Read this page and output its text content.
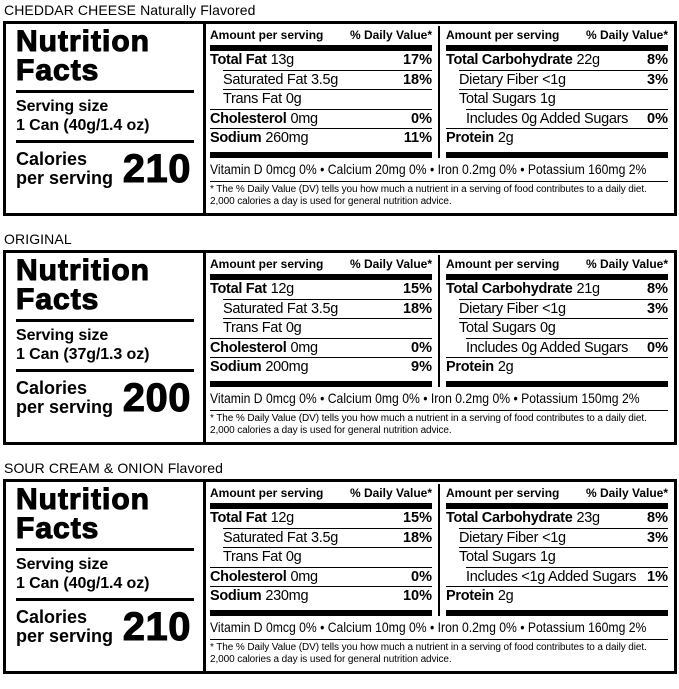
CHEDDAR CHEESE Naturally Flavored
Nutrition
Facts
Serving size
1 Can (40g/1.4 oz)
Calories
per serving 210
Amount per serving % Daily Value*
Total Fat 13g	17%
Saturated Fat 3.5g	18%
Trans Fat 0g
Cholesterol 0mg	0%
Sodium 260mg	11%
Amount per serving % Daily Value*
Total Carbohydrate 22g	8%
Dietary Fiber <1g	3%
Total Sugars 1g
Includes 0g Added Sugars 0%
Protein 2g
Vitamin D 0mcg 0% • Calcium 20mg 0% • Iron 0.2mg 0% • Potassium 160mg 2%
* The % Daily Value (DV) tells you how much a nutrient in a serving of food contributes to a daily diet. 2,000 calories a day is used for general nutrition advice.
ORIGINAL
Nutrition
Facts
Serving size
1 Can (37g/1.3 oz)
Calories
per serving 200
Amount per serving % Daily Value*
Total Fat 12g	15%
Saturated Fat 3.5g	18%
Trans Fat 0g
Cholesterol 0mg	0%
Sodium 200mg	9%
Amount per serving % Daily Value*
Total Carbohydrate 21g	8%
Dietary Fiber <1g	3%
Total Sugars 0g
Includes 0g Added Sugars 0%
Protein 2g
Vitamin D 0mcg 0% • Calcium 0mg 0% • Iron 0.2mg 0% • Potassium 150mg 2%
* The % Daily Value (DV) tells you how much a nutrient in a serving of food contributes to a daily diet. 2,000 calories a day is used for general nutrition advice.
SOUR CREAM & ONION Flavored
Nutrition
Facts
Serving size
1 Can (40g/1.4 oz)
Calories
per serving 210
Amount per serving % Daily Value*
Total Fat 12g	15%
Saturated Fat 3.5g	18%
Trans Fat 0g
Cholesterol 0mg	0%
Sodium 230mg	10%
Amount per serving % Daily Value*
Total Carbohydrate 23g	8%
Dietary Fiber <1g	3%
Total Sugars 1g
Includes <1g Added Sugars 1%
Protein 2g
Vitamin D 0mcg 0% • Calcium 10mg 0% • Iron 0.2mg 0% • Potassium 160mg 2%
* The % Daily Value (DV) tells you how much a nutrient in a serving of food contributes to a daily diet. 2,000 calories a day is used for general nutrition advice.
